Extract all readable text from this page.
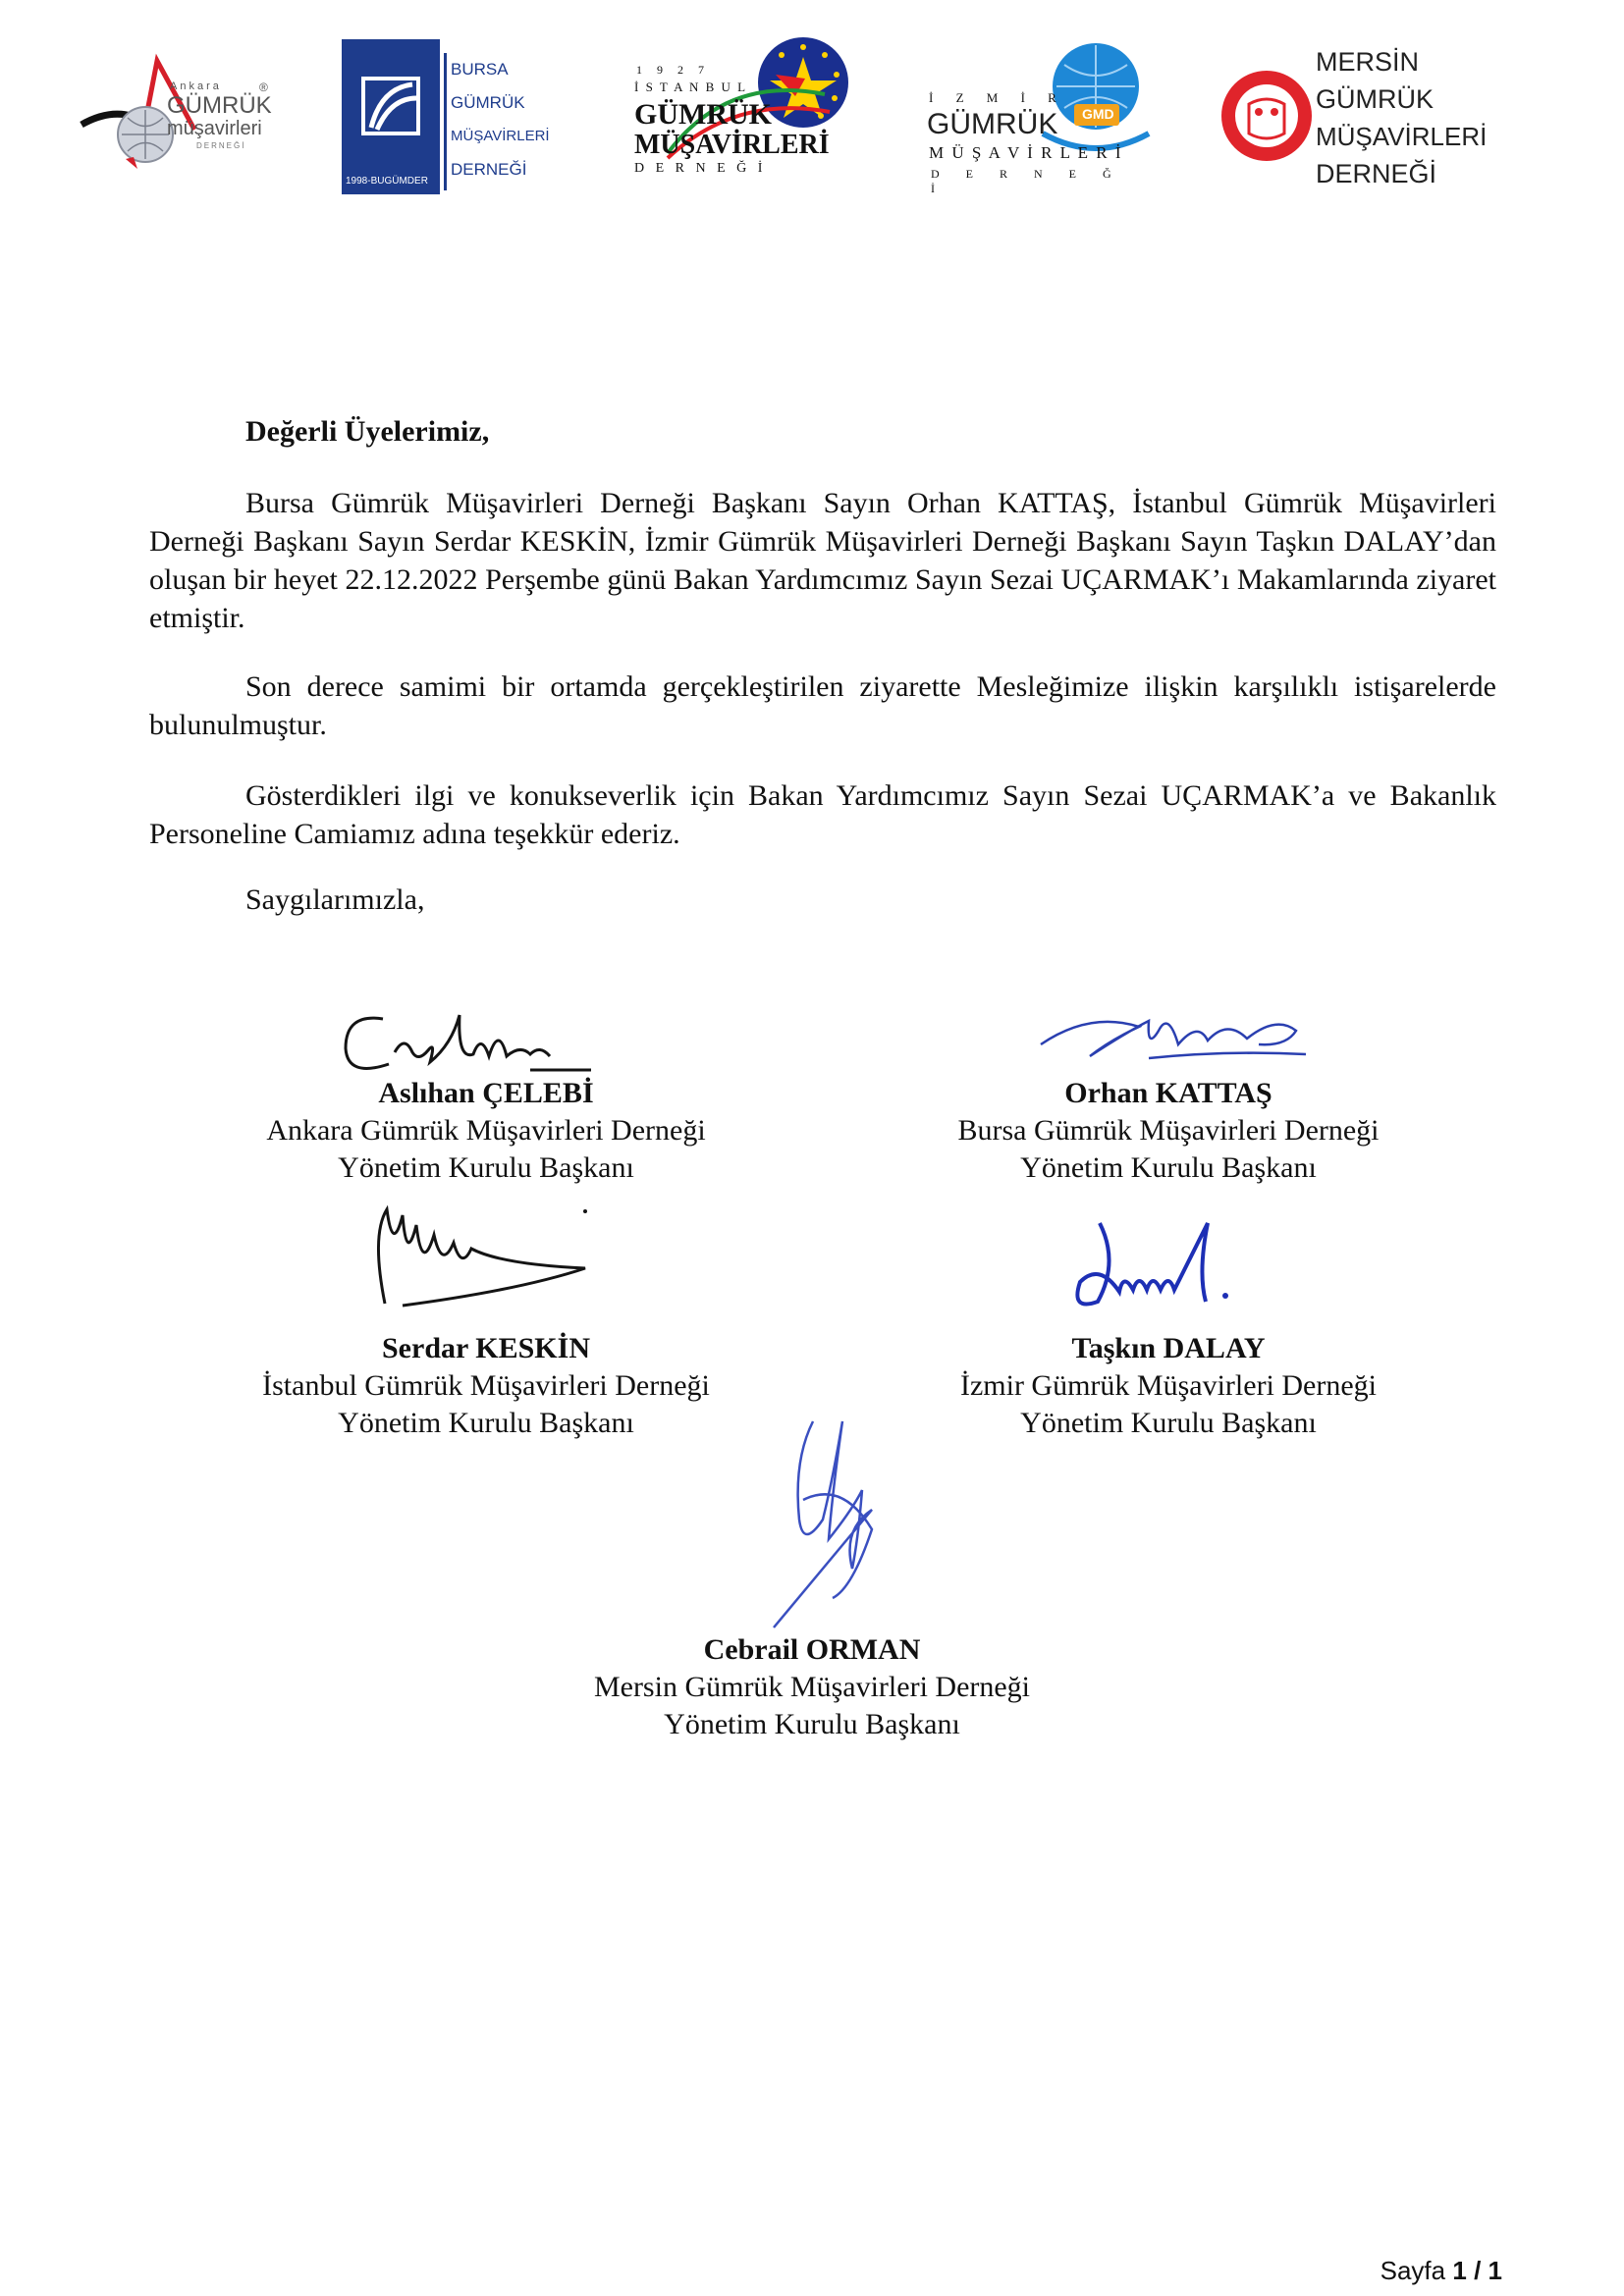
Ankara
GÜMRÜK
®
müşavirleri
DERNEĞİ
1998-BUGÜMDER
BURSA
GÜMRÜK
MÜŞAVİRLERİ
DERNEĞİ
1 9 2 7
İ S T A N B U L
GÜMRÜK
MÜŞAVİRLERİ
D E R N E Ğ İ
GMD
İ Z M İ R
GÜMRÜK
M Ü Ş A V İ R L E R İ
D E R N E Ğ İ
MERSİN
GÜMRÜK
MÜŞAVİRLERİ
DERNEĞİ
Değerli Üyelerimiz,

Bursa Gümrük Müşavirleri Derneği Başkanı Sayın Orhan KATTAŞ, İstanbul Gümrük Müşavirleri Derneği Başkanı Sayın Serdar KESKİN, İzmir Gümrük Müşavirleri Derneği Başkanı Sayın Taşkın DALAY’dan oluşan bir heyet 22.12.2022 Perşembe günü Bakan Yardımcımız Sayın Sezai UÇARMAK’ı Makamlarında ziyaret etmiştir.

Son derece samimi bir ortamda gerçekleştirilen ziyarette Mesleğimize ilişkin karşılıklı istişarelerde bulunulmuştur.

Gösterdikleri ilgi ve konukseverlik için Bakan Yardımcımız Sayın Sezai UÇARMAK’a ve Bakanlık Personeline Camiamız adına teşekkür ederiz.

Saygılarımızla,
Aslıhan ÇELEBİ
Ankara Gümrük Müşavirleri Derneği
Yönetim Kurulu Başkanı
Orhan KATTAŞ
Bursa Gümrük Müşavirleri Derneği
Yönetim Kurulu Başkanı
Serdar KESKİN
İstanbul Gümrük Müşavirleri Derneği
Yönetim Kurulu Başkanı
Taşkın DALAY
İzmir Gümrük Müşavirleri Derneği
Yönetim Kurulu Başkanı
Cebrail ORMAN
Mersin Gümrük Müşavirleri Derneği
Yönetim Kurulu Başkanı
Sayfa 1 / 1
